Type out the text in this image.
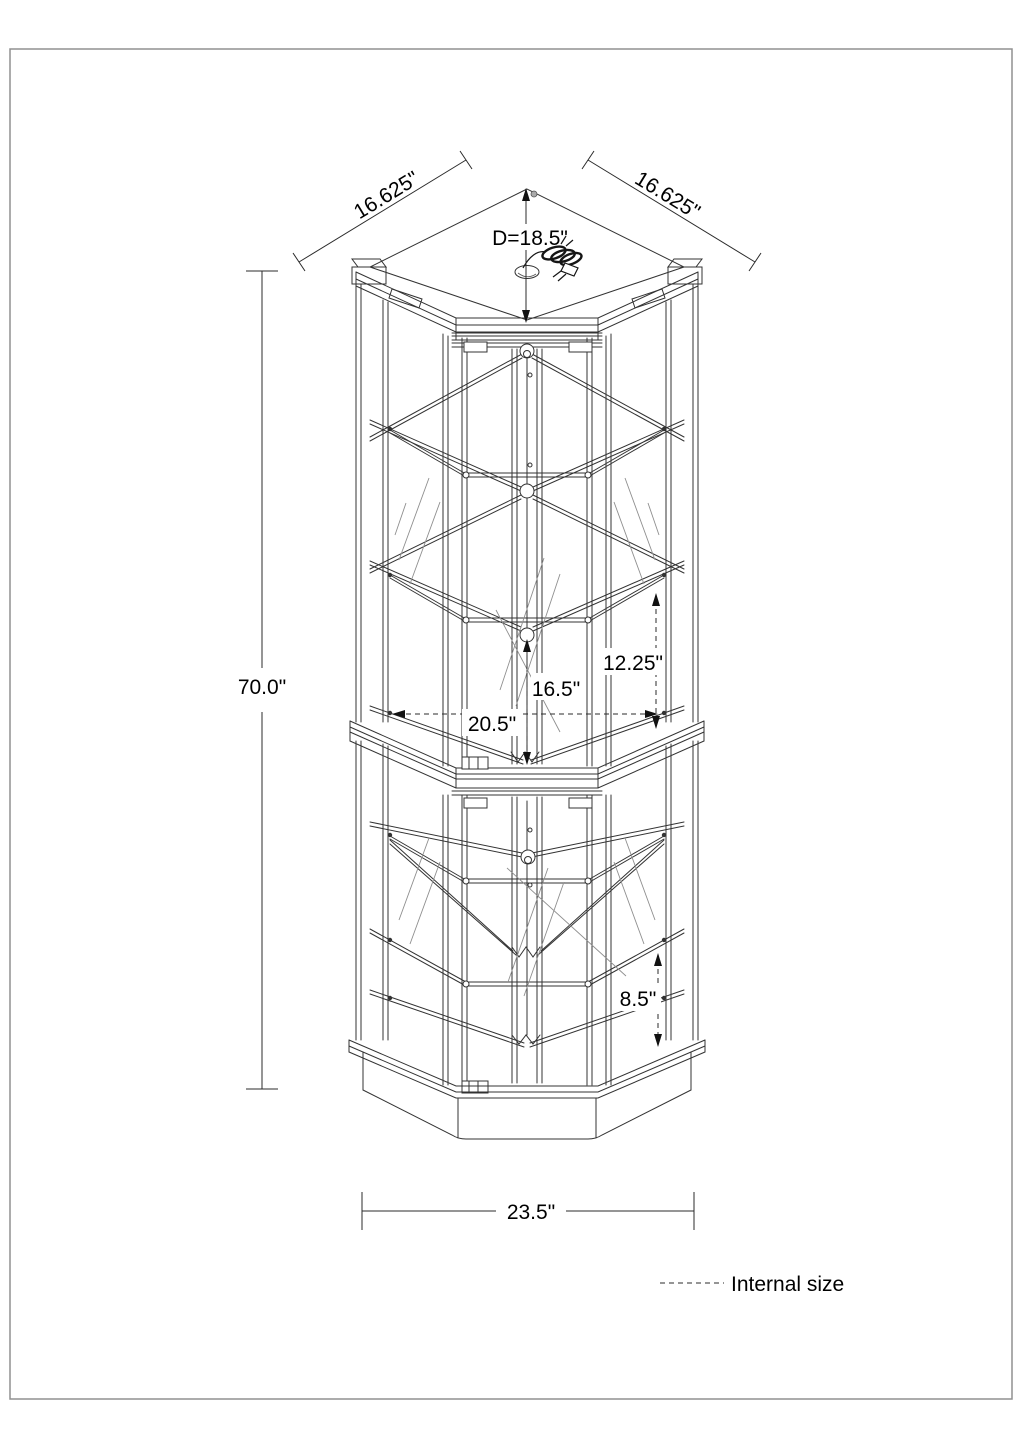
16.625"	16.625"
D=18.5"
70.0"	16.5"
12.25"
20.5"
8.5"
23.5"
Internal size
